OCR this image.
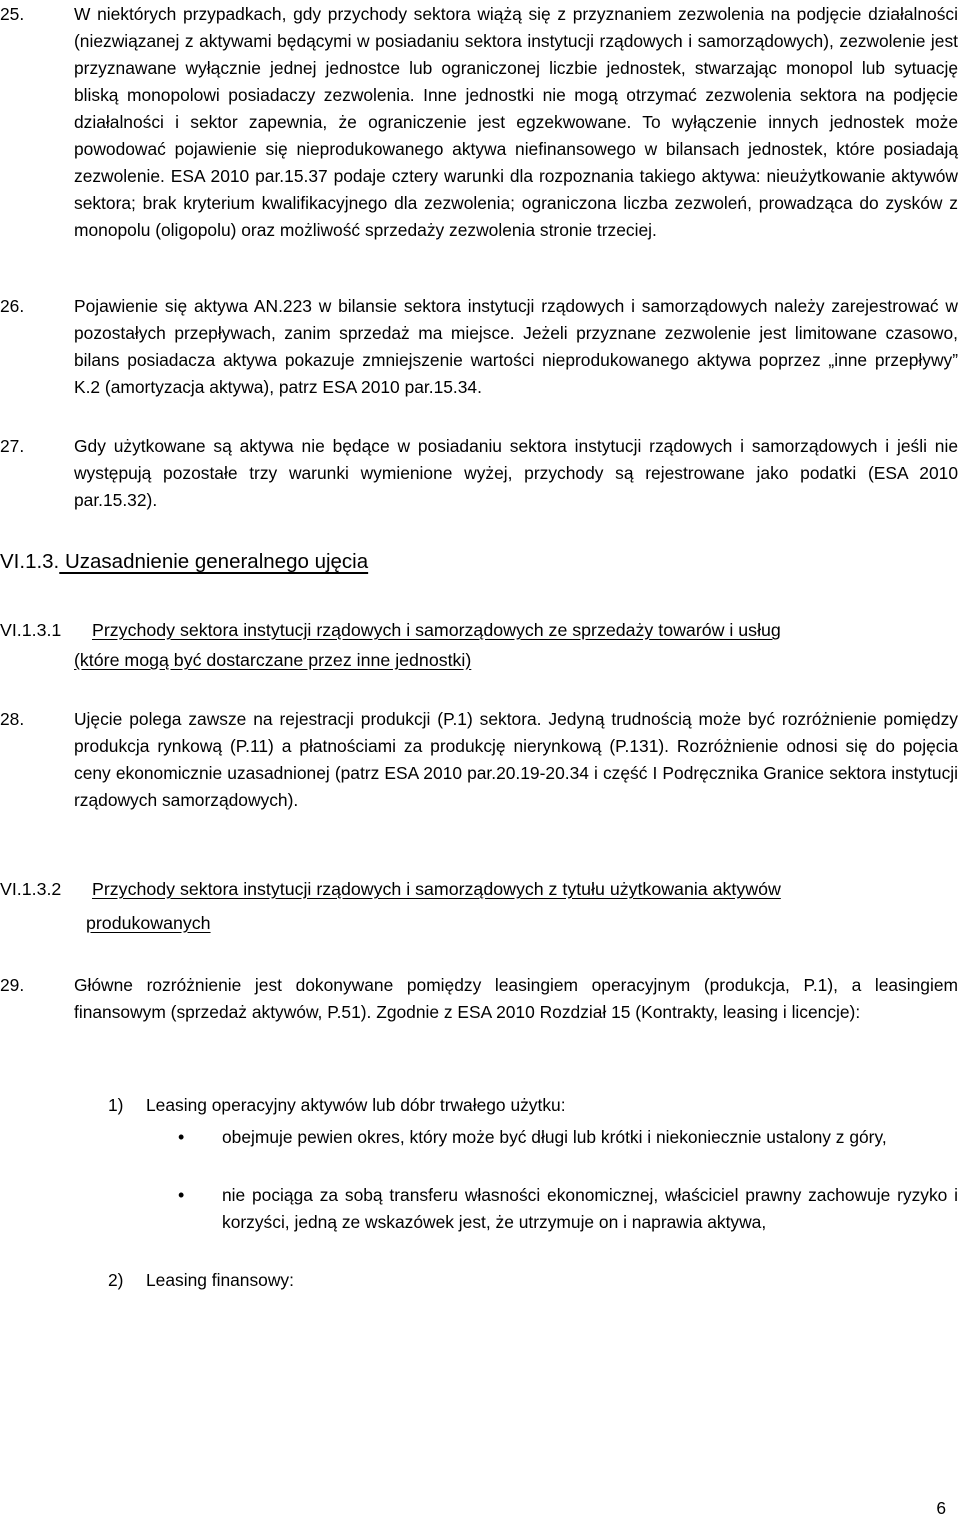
25.	W niektórych przypadkach, gdy przychody sektora wiążą się z przyznaniem zezwolenia na podjęcie działalności (niezwiązanej z aktywami będącymi w posiadaniu sektora instytucji rządowych i samorządowych), zezwolenie jest przyznawane wyłącznie jednej jednostce lub ograniczonej liczbie jednostek, stwarzając monopol lub sytuację bliską monopolowi posiadaczy zezwolenia. Inne jednostki nie mogą otrzymać zezwolenia sektora na podjęcie działalności i sektor zapewnia, że ograniczenie jest egzekwowane. To wyłączenie innych jednostek może powodować pojawienie się nieprodukowanego aktywa niefinansowego w bilansach jednostek, które posiadają zezwolenie. ESA 2010 par.15.37 podaje cztery warunki dla rozpoznania takiego aktywa: nieużytkowanie aktywów sektora; brak kryterium kwalifikacyjnego dla zezwolenia; ograniczona liczba zezwoleń, prowadząca do zysków z monopolu (oligopolu) oraz możliwość sprzedaży zezwolenia stronie trzeciej.
26.	Pojawienie się aktywa AN.223 w bilansie sektora instytucji rządowych i samorządowych należy zarejestrować w pozostałych przepływach, zanim sprzedaż ma miejsce. Jeżeli przyznane zezwolenie jest limitowane czasowo, bilans posiadacza aktywa pokazuje zmniejszenie wartości nieprodukowanego aktywa poprzez „inne przepływy” K.2 (amortyzacja aktywa), patrz ESA 2010 par.15.34.
27.	Gdy użytkowane są aktywa nie będące w posiadaniu sektora instytucji rządowych i samorządowych i jeśli nie występują pozostałe trzy warunki wymienione wyżej, przychody są rejestrowane jako podatki (ESA 2010 par.15.32).
VI.1.3. Uzasadnienie generalnego ujęcia
VI.1.3.1 Przychody sektora instytucji rządowych i samorządowych ze sprzedaży towarów i usług
(które mogą być dostarczane przez inne jednostki)
28.	Ujęcie polega zawsze na rejestracji produkcji (P.1) sektora. Jedyną trudnością może być rozróżnienie pomiędzy produkcja rynkową (P.11) a płatnościami za produkcję nierynkową (P.131). Rozróżnienie odnosi się do pojęcia ceny ekonomicznie uzasadnionej (patrz ESA 2010 par.20.19-20.34 i część I Podręcznika Granice sektora instytucji rządowych samorządowych).
VI.1.3.2 Przychody sektora instytucji rządowych i samorządowych z tytułu użytkowania aktywów
produkowanych
29.	Główne rozróżnienie jest dokonywane pomiędzy leasingiem operacyjnym (produkcja, P.1), a leasingiem finansowym (sprzedaż aktywów, P.51). Zgodnie z ESA 2010 Rozdział 15 (Kontrakty, leasing i licencje):
1) Leasing operacyjny aktywów lub dóbr trwałego użytku:
• obejmuje pewien okres, który może być długi lub krótki i niekoniecznie ustalony z góry,
• nie pociąga za sobą transferu własności ekonomicznej, właściciel prawny zachowuje ryzyko i korzyści, jedną ze wskazówek jest, że utrzymuje on i naprawia aktywa,
2) Leasing finansowy:
6
